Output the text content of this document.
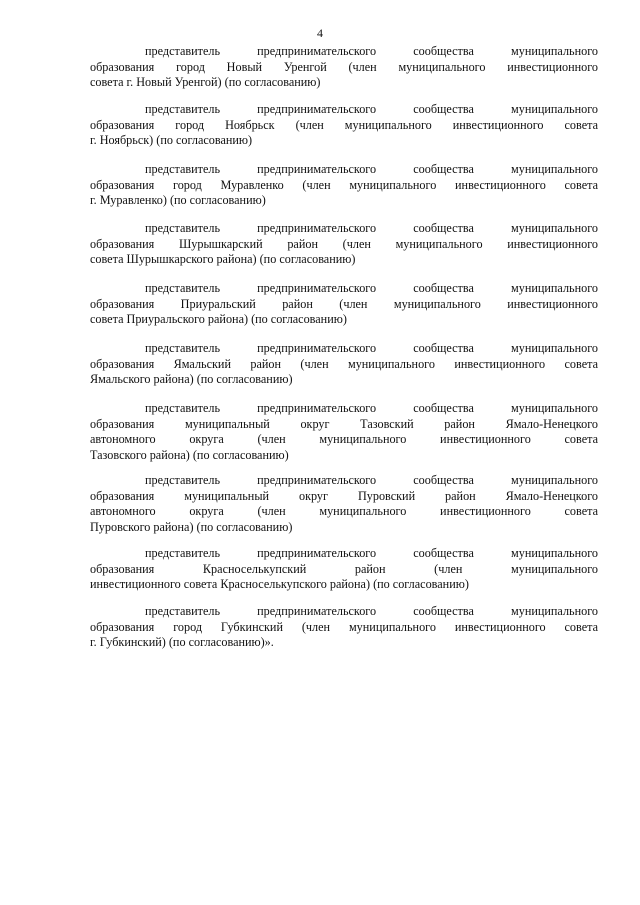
4
представитель предпринимательского сообщества муниципального
образования город Новый Уренгой (член муниципального инвестиционного
совета г. Новый Уренгой) (по согласованию)
представитель предпринимательского сообщества муниципального
образования город Ноябрьск (член муниципального инвестиционного совета
г. Ноябрьск) (по согласованию)
представитель предпринимательского сообщества муниципального
образования город Муравленко (член муниципального инвестиционного совета
г. Муравленко) (по согласованию)
представитель предпринимательского сообщества муниципального
образования Шурышкарский район (член муниципального инвестиционного
совета Шурышкарского района) (по согласованию)
представитель предпринимательского сообщества муниципального
образования Приуральский район (член муниципального инвестиционного
совета Приуральского района) (по согласованию)
представитель предпринимательского сообщества муниципального
образования Ямальский район (член муниципального инвестиционного совета
Ямальского района) (по согласованию)
представитель предпринимательского сообщества муниципального
образования муниципальный округ Тазовский район Ямало-Ненецкого
автономного округа (член муниципального инвестиционного совета
Тазовского района) (по согласованию)
представитель предпринимательского сообщества муниципального
образования муниципальный округ Пуровский район Ямало-Ненецкого
автономного округа (член муниципального инвестиционного совета
Пуровского района) (по согласованию)
представитель предпринимательского сообщества муниципального
образования Красноселькупский район (член муниципального
инвестиционного совета Красноселькупского района) (по согласованию)
представитель предпринимательского сообщества муниципального
образования город Губкинский (член муниципального инвестиционного совета
г. Губкинский) (по согласованию)».
